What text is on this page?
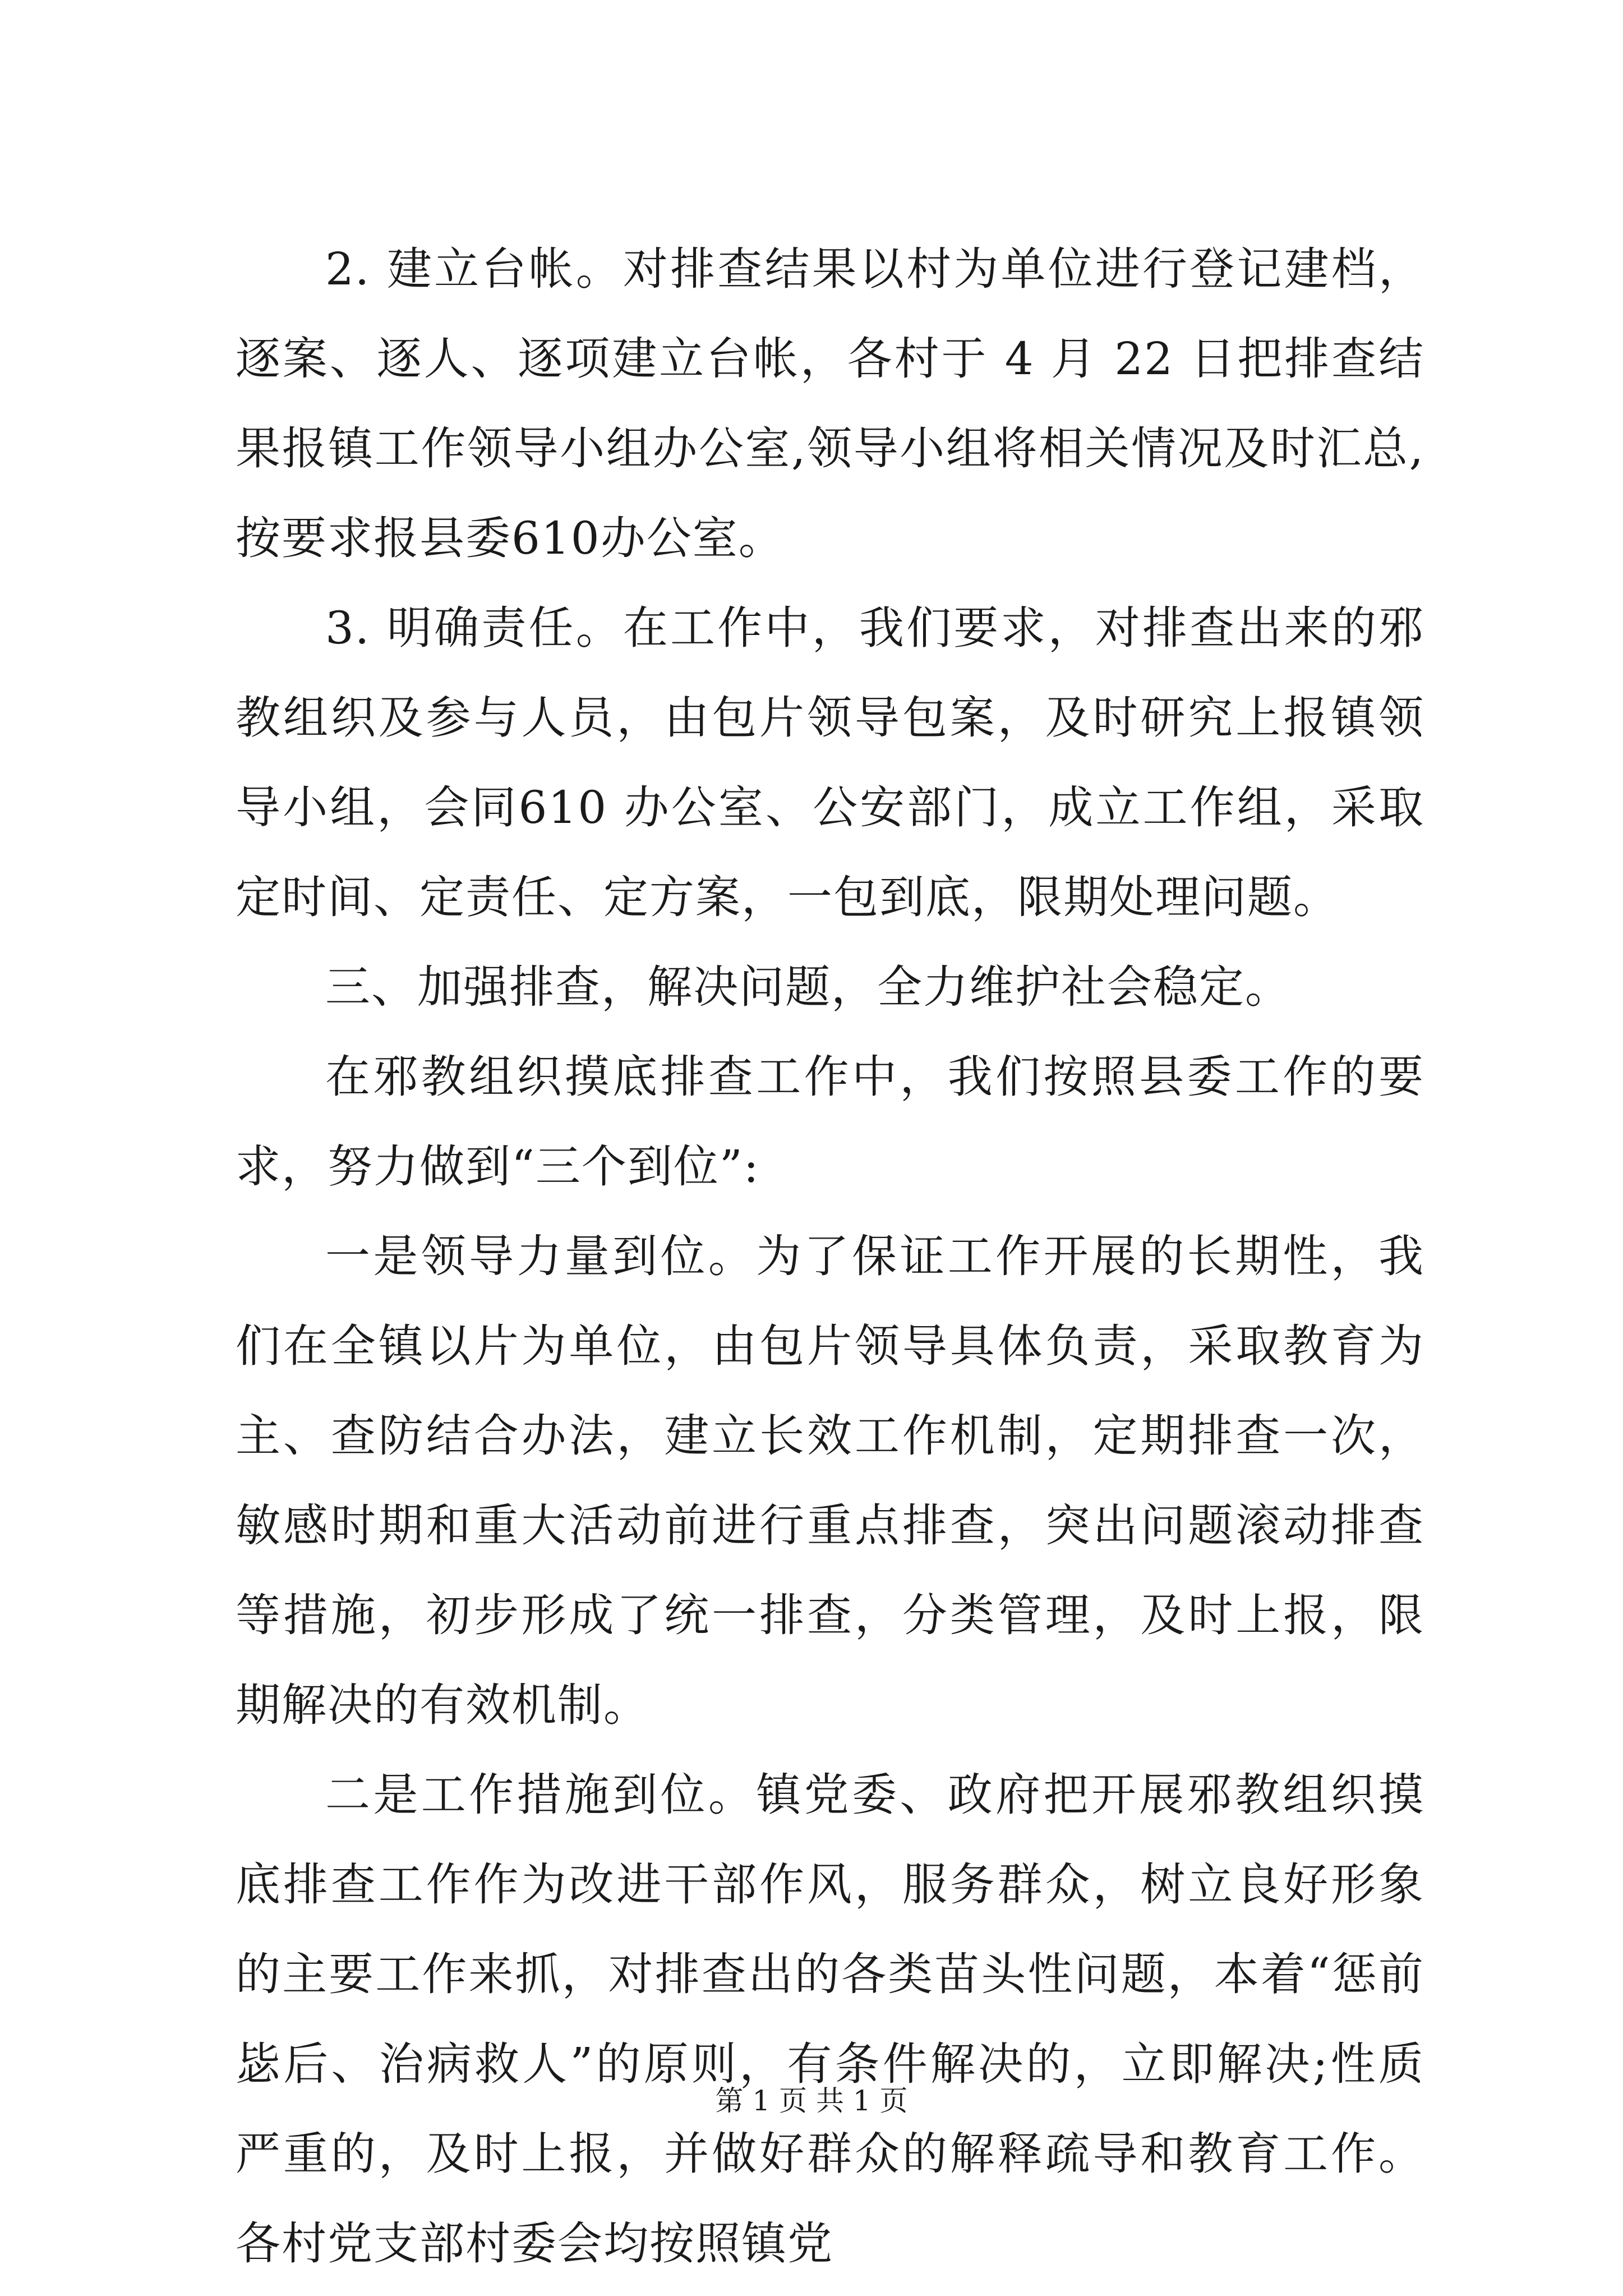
2. 建立台帐。对排查结果以村为单位进行登记建档，逐案、逐人、逐项建立台帐，各村于 4 月 22 日把排查结果报镇工作领导小组办公室,领导小组将相关情况及时汇总,按要求报县委610办公室。

3. 明确责任。在工作中，我们要求，对排查出来的邪教组织及参与人员，由包片领导包案，及时研究上报镇领导小组，会同610 办公室、公安部门，成立工作组，采取定时间、定责任、定方案，一包到底，限期处理问题。

三、加强排查，解决问题，全力维护社会稳定。

在邪教组织摸底排查工作中，我们按照县委工作的要求，努力做到“三个到位”:

一是领导力量到位。为了保证工作开展的长期性，我们在全镇以片为单位，由包片领导具体负责，采取教育为主、查防结合办法，建立长效工作机制，定期排查一次，敏感时期和重大活动前进行重点排查，突出问题滚动排查等措施，初步形成了统一排查，分类管理，及时上报，限期解决的有效机制。

二是工作措施到位。镇党委、政府把开展邪教组织摸底排查工作作为改进干部作风，服务群众，树立良好形象的主要工作来抓，对排查出的各类苗头性问题，本着“惩前毖后、治病救人”的原则，有条件解决的，立即解决;性质严重的，及时上报，并做好群众的解释疏导和教育工作。各村党支部村委会均按照镇党

第 1 页 共 1 页
